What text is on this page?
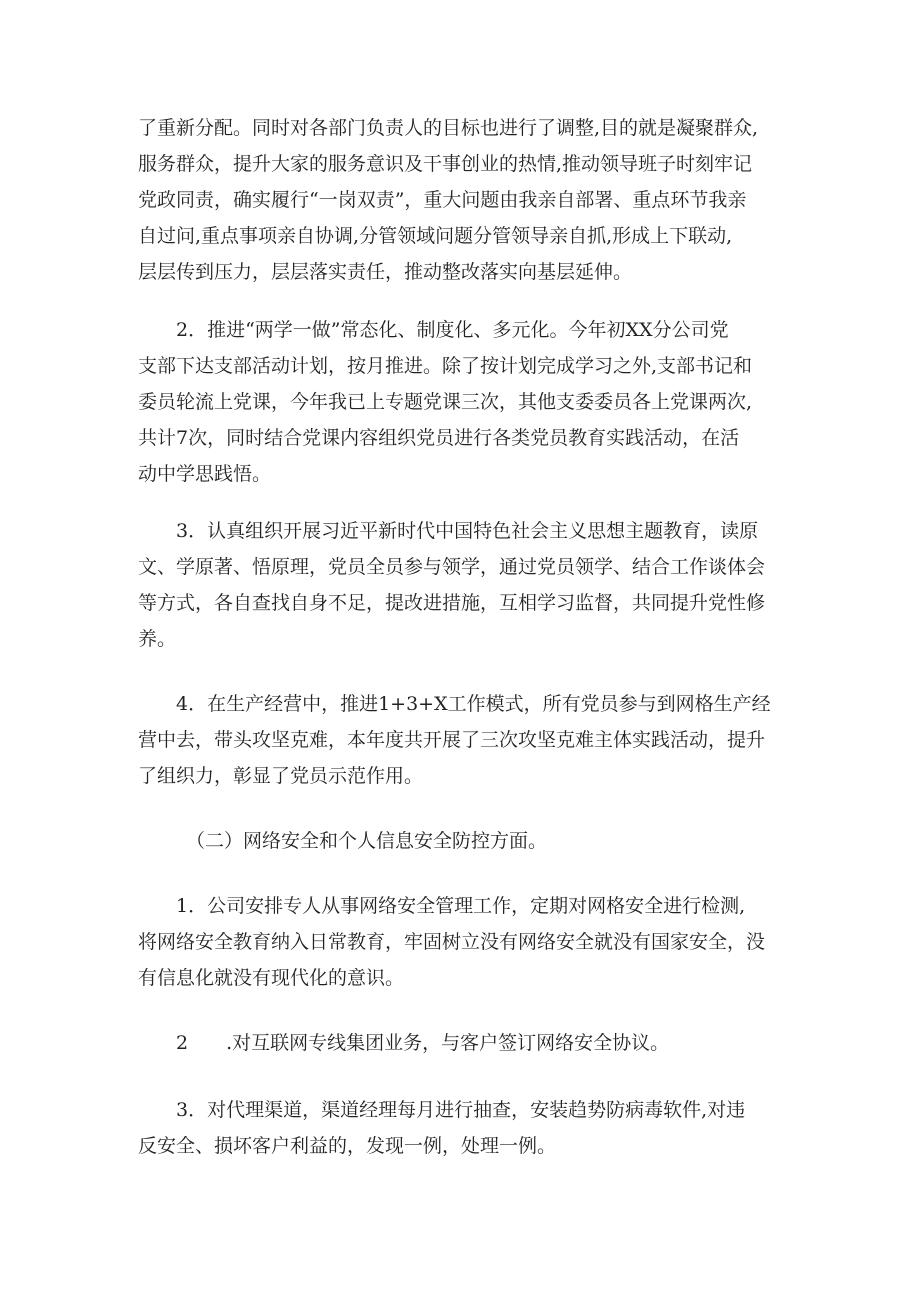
了重新分配。同时对各部门负责人的目标也进行了调整,目的就是凝聚群众,
服务群众，提升大家的服务意识及干事创业的热情,推动领导班子时刻牢记
党政同责，确实履行“一岗双责”，重大问题由我亲自部署、重点环节我亲
自过问,重点事项亲自协调,分管领域问题分管领导亲自抓,形成上下联动,
层层传到压力，层层落实责任，推动整改落实向基层延伸。
2．推进“两学一做”常态化、制度化、多元化。今年初XX分公司党
支部下达支部活动计划，按月推进。除了按计划完成学习之外,支部书记和
委员轮流上党课，今年我已上专题党课三次，其他支委委员各上党课两次,
共计7次，同时结合党课内容组织党员进行各类党员教育实践活动，在活
动中学思践悟。
3．认真组织开展习近平新时代中国特色社会主义思想主题教育，读原
文、学原著、悟原理，党员全员参与领学，通过党员领学、结合工作谈体会
等方式，各自查找自身不足，提改进措施，互相学习监督，共同提升党性修
养。
4．在生产经营中，推进1+3+X工作模式，所有党员参与到网格生产经
营中去，带头攻坚克难，本年度共开展了三次攻坚克难主体实践活动，提升
了组织力，彰显了党员示范作用。
（二）网络安全和个人信息安全防控方面。
1．公司安排专人从事网络安全管理工作，定期对网格安全进行检测,
将网络安全教育纳入日常教育，牢固树立没有网络安全就没有国家安全，没
有信息化就没有现代化的意识。
2 .对互联网专线集团业务，与客户签订网络安全协议。
3．对代理渠道，渠道经理每月进行抽查，安装趋势防病毒软件,对违
反安全、损坏客户利益的，发现一例，处理一例。
